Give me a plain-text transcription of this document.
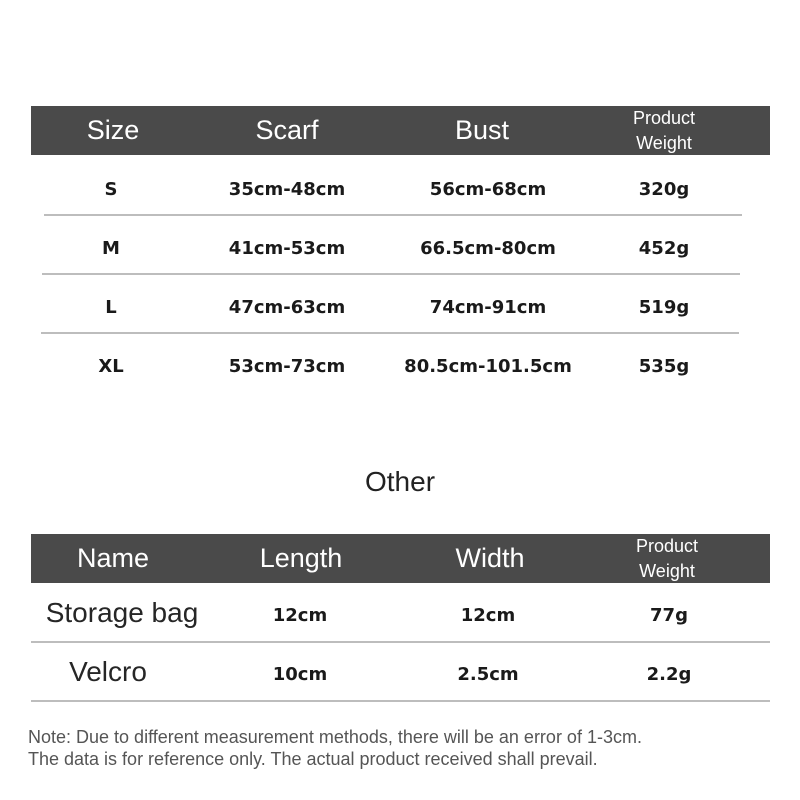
Size	Scarf	Bust	Product Weight
S	35cm-48cm	56cm-68cm	320g
M	41cm-53cm	66.5cm-80cm	452g
L	47cm-63cm	74cm-91cm	519g
XL	53cm-73cm	80.5cm-101.5cm	535g
Other
Name	Length	Width	Product Weight
Storage bag	12cm	12cm	77g
Velcro	10cm	2.5cm	2.2g
Note: Due to different measurement methods, there will be an error of 1-3cm.
The data is for reference only. The actual product received shall prevail.
